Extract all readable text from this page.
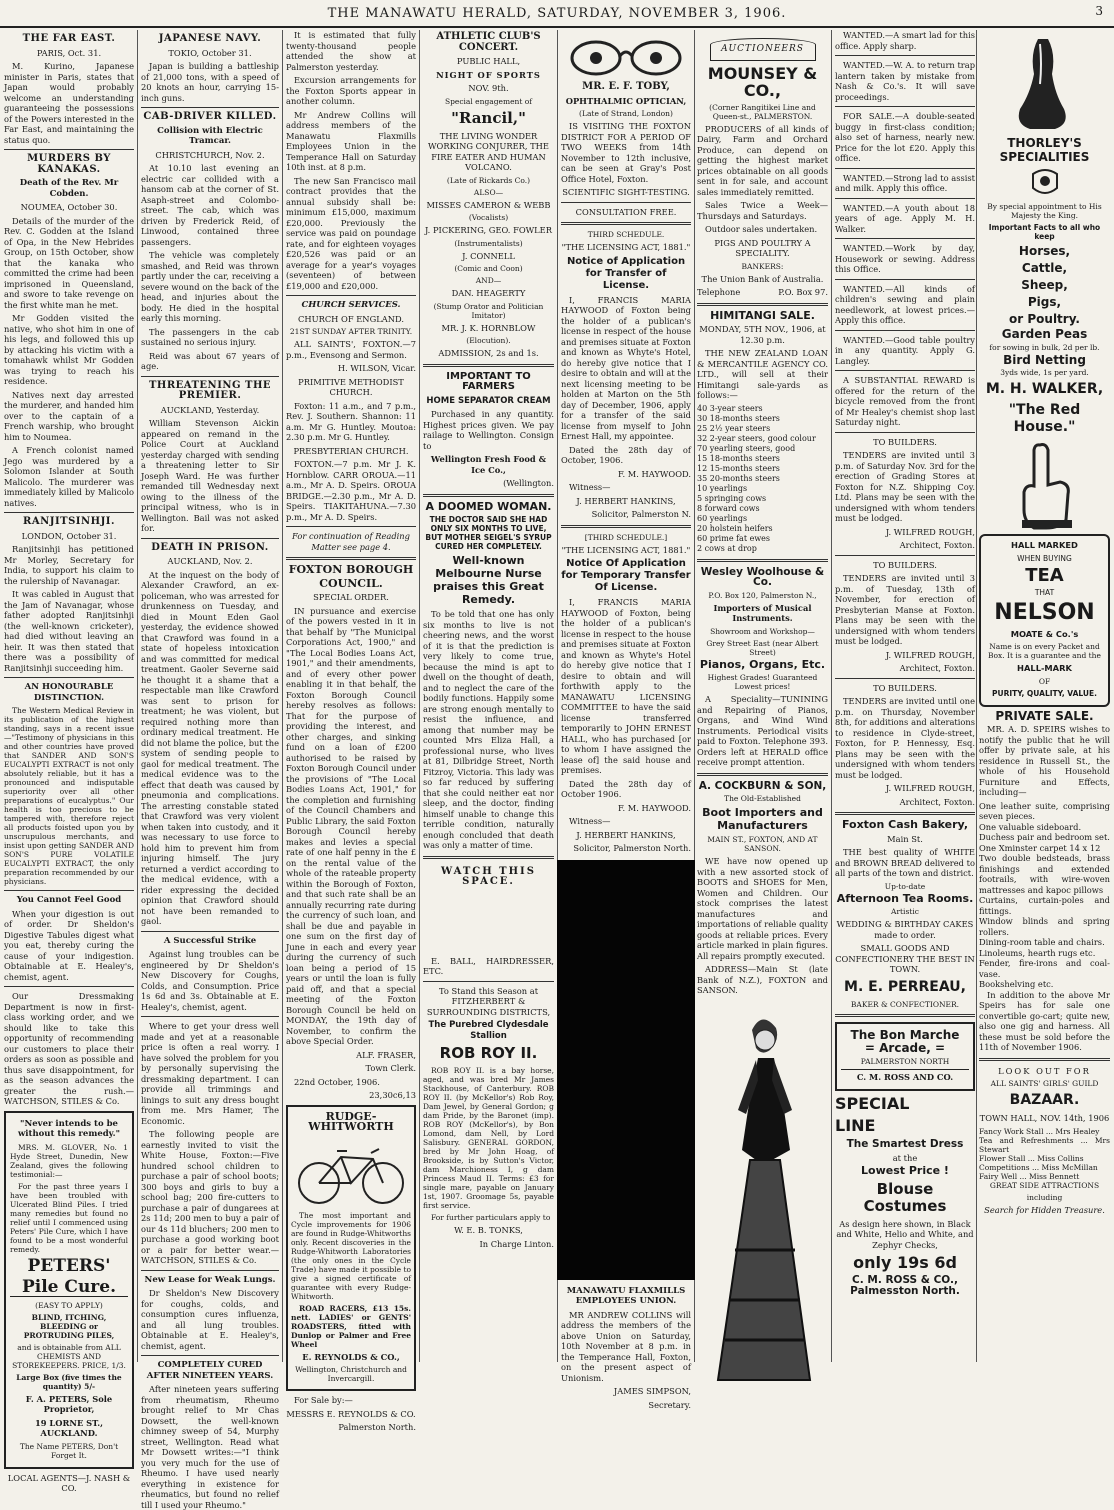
THE MANAWATU HERALD, SATURDAY, NOVEMBER 3, 1906.	3
THE FAR EAST.

PARIS, Oct. 31.

M. Kurino, Japanese minister in Paris, states that Japan would probably welcome an understanding guaranteeing the possessions of the Powers interested in the Far East, and maintaining the status quo.

MURDERS BY KANAKAS.
Death of the Rev. Mr Cobden.

NOUMEA, October 30.

Details of the murder of the Rev. C. Godden at the Island of Opa, in the New Hebrides Group, on 15th October, show that the kanaka who committed the crime had been imprisoned in Queensland, and swore to take revenge on the first white man he met.

Mr Godden visited the native, who shot him in one of his legs, and followed this up by attacking his victim with a tomahawk whilst Mr Godden was trying to reach his residence.

Natives next day arrested the murderer, and handed him over to the captain of a French warship, who brought him to Noumea.

A French colonist named Jego was murdered by a Solomon Islander at South Malicolo. The murderer was immediately killed by Malicolo natives.

RANJITSINHJI.

LONDON, October 31.

Ranjitsinhji has petitioned Mr Morley, Secretary for India, to support his claim to the rulership of Navanagar.

It was cabled in August that the Jam of Navanagar, whose father adopted Ranjitsinhji (the well-known cricketer), had died without leaving an heir. It was then stated that there was a possibility of Ranjitsinhji succeeding him.

AN HONOURABLE DISTINCTION.

The Western Medical Review in its publication of the highest standing, says in a recent issue—"Testimony of physicians in this and other countries have proved that SANDER AND SON'S EUCALYPTI EXTRACT is not only absolutely reliable, but it has a pronounced and indisputable superiority over all other preparations of eucalyptus." Our health is too precious to be tampered with, therefore reject all products foisted upon you by unscrupulous merchants, and insist upon getting SANDER AND SON'S PURE VOLATILE EUCALYPTI EXTRACT, the only preparation recommended by our physicians.

You Cannot Feel Good

When your digestion is out of order. Dr Sheldon's Digestive Tabules digest what you eat, thereby curing the cause of your indigestion. Obtainable at E. Healey's, chemist, agent.

Our Dressmaking Department is now in first-class working order, and we should like to take this opportunity of recommending our customers to place their orders as soon as possible and thus save disappointment, for as the season advances the greater the rush.—WATCHSON, STILES & Co.

"Never intends to be without this remedy."

MRS. M. GLOVER, No. 1 Hyde Street, Dunedin, New Zealand, gives the following testimonial:—

For the past three years I have been troubled with Ulcerated Blind Piles. I tried many remedies but found no relief until I commenced using Peters' Pile Cure, which I have found to be a most wonderful remedy.

PETERS'
Pile Cure.

(EASY TO APPLY)

BLIND, ITCHING, BLEEDING or PROTRUDING PILES,

and is obtainable from ALL CHEMISTS AND STOREKEEPERS. PRICE, 1/3.

Large Box (five times the quantity) 5/-

F. A. PETERS, Sole Proprietor,

19 LORNE ST., AUCKLAND.

The Name PETERS, Don't Forget It.

LOCAL AGENTS—J. NASH & CO.

JAPANESE NAVY.

TOKIO, October 31.

Japan is building a battleship of 21,000 tons, with a speed of 20 knots an hour, carrying 15-inch guns.

CAB-DRIVER KILLED.
Collision with Electric Tramcar.

CHRISTCHURCH, Nov. 2.

At 10.10 last evening an electric car collided with a hansom cab at the corner of St. Asaph-street and Colombo-street. The cab, which was driven by Frederick Reid, of Linwood, contained three passengers.

The vehicle was completely smashed, and Reid was thrown partly under the car, receiving a severe wound on the back of the head, and injuries about the body. He died in the hospital early this morning.

The passengers in the cab sustained no serious injury.

Reid was about 67 years of age.

THREATENING THE PREMIER.

AUCKLAND, Yesterday.

William Stevenson Aickin appeared on remand in the Police Court at Auckland yesterday charged with sending a threatening letter to Sir Joseph Ward. He was further remanded till Wednesday next owing to the illness of the principal witness, who is in Wellington. Bail was not asked for.

DEATH IN PRISON.

AUCKLAND, Nov. 2.

At the inquest on the body of Alexander Crawford, an ex-policeman, who was arrested for drunkenness on Tuesday, and died in Mount Eden Gaol yesterday, the evidence showed that Crawford was found in a state of hopeless intoxication and was committed for medical treatment. Gaoler Severne said he thought it a shame that a respectable man like Crawford was sent to prison for treatment; he was violent, but required nothing more than ordinary medical treatment. He did not blame the police, but the system of sending people to gaol for medical treatment. The medical evidence was to the effect that death was caused by pneumonia and complications. The arresting constable stated that Crawford was very violent when taken into custody, and it was necessary to use force to hold him to prevent him from injuring himself. The jury returned a verdict according to the medical evidence, with a rider expressing the decided opinion that Crawford should not have been remanded to gaol.

A Successful Strike

Against lung troubles can be engineered by Dr Sheldon's New Discovery for Coughs, Colds, and Consumption. Price 1s 6d and 3s. Obtainable at E. Healey's, chemist, agent.

Where to get your dress well made and yet at a reasonable price is often a real worry. I have solved the problem for you by personally supervising the dressmaking department. I can provide all trimmings and linings to suit any dress bought from me. Mrs Hamer, The Economic.

The following people are earnestly invited to visit the White House, Foxton:—Five hundred school children to purchase a pair of school boots; 300 boys and girls to buy a school bag; 200 fire-cutters to purchase a pair of dungarees at 2s 11d; 200 men to buy a pair of our 4s 11d bluchers; 200 men to purchase a good working boot or a pair for better wear.—WATCHSON, STILES & Co.

New Lease for Weak Lungs.

Dr Sheldon's New Discovery for coughs, colds, and consumption cures influenza, and all lung troubles. Obtainable at E. Healey's, chemist, agent.

COMPLETELY CURED AFTER NINETEEN YEARS.

After nineteen years suffering from rheumatism, Rheumo brought relief to Mr Chas Dowsett, the well-known chimney sweep of 54, Murphy street, Wellington. Read what Mr Dowsett writes:—"I think you very much for the use of Rheumo. I have used nearly everything in existence for rheumatics, but found no relief till I used your Rheumo."

It is estimated that fully twenty-thousand people attended the show at Palmerston yesterday.

Excursion arrangements for the Foxton Sports appear in another column.

Mr Andrew Collins will address members of the Manawatu Flaxmills Employees Union in the Temperance Hall on Saturday 10th inst. at 8 p.m.

The new San Francisco mail contract provides that the annual subsidy shall be: minimum £15,000, maximum £20,000. Previously the service was paid on poundage rate, and for eighteen voyages £20,526 was paid or an average for a year's voyages (seventeen) of between £19,000 and £20,000.

CHURCH SERVICES.

CHURCH OF ENGLAND.

21ST SUNDAY AFTER TRINITY.

ALL SAINTS', FOXTON.—7 p.m., Evensong and Sermon.

H. WILSON, Vicar.

PRIMITIVE METHODIST CHURCH.

Foxton: 11 a.m., and 7 p.m., Rev. J. Southern. Shannon: 11 a.m. Mr G. Huntley. Moutoa: 2.30 p.m. Mr G. Huntley.

PRESBYTERIAN CHURCH.

FOXTON.—7 p.m. Mr J. K. Hornblow. CARR OROUA.—11 a.m., Mr A. D. Speirs. OROUA BRIDGE.—2.30 p.m., Mr A. D. Speirs. TIAKITAHUNA.—7.30 p.m., Mr A. D. Speirs.

For continuation of Reading Matter see page 4.

FOXTON BOROUGH
COUNCIL.

SPECIAL ORDER.

IN pursuance and exercise of the powers vested in it in that behalf by "The Municipal Corporations Act, 1900," and "The Local Bodies Loans Act, 1901," and their amendments, and of every other power enabling it in that behalf, the Foxton Borough Council hereby resolves as follows: That for the purpose of providing the interest, and other charges, and sinking fund on a loan of £200 authorised to be raised by Foxton Borough Council under the provisions of "The Local Bodies Loans Act, 1901," for the completion and furnishing of the Council Chambers and Public Library, the said Foxton Borough Council hereby makes and levies a special rate of one half penny in the £ on the rental value of the whole of the rateable property within the Borough of Foxton, and that such rate shall be an annually recurring rate during the currency of such loan, and shall be due and payable in one sum on the first day of June in each and every year during the currency of such loan being a period of 15 years or until the loan is fully paid off, and that a special meeting of the Foxton Borough Council be held on MONDAY, the 19th day of November, to confirm the above Special Order.

ALF. FRASER,

Town Clerk.

22nd October, 1906.

23,30c6,13

RUDGE-WHITWORTH

The most important and Cycle improvements for 1906 are found in Rudge-Whitworths only. Recent discoveries in the Rudge-Whitworth Laboratories (the only ones in the Cycle Trade) have made it possible to give a signed certificate of guarantee with every Rudge-Whitworth.

ROAD RACERS, £13 15s. nett. LADIES' or GENTS' ROADSTERS, fitted with Dunlop or Palmer and Free Wheel

E. REYNOLDS & CO.,

Wellington, Christchurch and Invercargill.

For Sale by:—

MESSRS E. REYNOLDS & CO.

Palmerston North.

ATHLETIC CLUB'S CONCERT.

PUBLIC HALL,

NIGHT OF SPORTS

NOV. 9th.

Special engagement of

"Rancil,"

THE LIVING WONDER WORKING CONJURER, THE FIRE EATER AND HUMAN VOLCANO.

(Late of Rickards Co.)

ALSO—

MISSES CAMERON & WEBB

(Vocalists)

J. PICKERING, GEO. FOWLER

(Instrumentalists)

J. CONNELL

(Comic and Coon)

AND—

DAN. HEAGERTY

(Stump Orator and Politician Imitator)

MR. J. K. HORNBLOW

(Elocution).

ADMISSION, 2s and 1s.

IMPORTANT TO FARMERS
HOME SEPARATOR CREAM

Purchased in any quantity. Highest prices given. We pay railage to Wellington. Consign to

Wellington Fresh Food & Ice Co.,

(Wellington.

A DOOMED WOMAN.

THE DOCTOR SAID SHE HAD ONLY SIX MONTHS TO LIVE, BUT MOTHER SEIGEL'S SYRUP CURED HER COMPLETELY.

Well-known Melbourne Nurse praises this Great Remedy.

To be told that one has only six months to live is not cheering news, and the worst of it is that the prediction is very likely to come true, because the mind is apt to dwell on the thought of death, and to neglect the care of the bodily functions. Happily some are strong enough mentally to resist the influence, and among that number may be counted Mrs Eliza Hall, a professional nurse, who lives at 81, Dilbridge Street, North Fitzroy, Victoria. This lady was so far reduced by suffering that she could neither eat nor sleep, and the doctor, finding himself unable to change this terrible condition, naturally enough concluded that death was only a matter of time.

WATCH THIS SPACE.

E. BALL, HAIRDRESSER, ETC.

To Stand this Season at FITZHERBERT & SURROUNDING DISTRICTS,

The Purebred Clydesdale Stallion
ROB ROY II.

ROB ROY II. is a bay horse, aged, and was bred Mr James Stackhouse, of Canterbury. ROB ROY II. (by McKellor's) Rob Roy, Dam Jewel, by General Gordon; g dam Pride, by the Baronet (imp). ROB ROY (McKellor's), by Bon Lomond, dam Nell, by Lord Salisbury. GENERAL GORDON, bred by Mr John Hoag, of Brookside, is by Sutton's Victor, dam Marchioness I, g dam Princess Maud II. Terms: £3 for single mare, payable on January 1st, 1907. Groomage 5s, payable first service.

For further particulars apply to

W. E. B. TONKS,

In Charge Linton.

MR. E. F. TOBY,

OPHTHALMIC OPTICIAN,

(Late of Strand, London)

IS VISITING THE FOXTON DISTRICT FOR A PERIOD OF TWO WEEKS from 14th November to 12th inclusive, can be seen at Gray's Post Office Hotel, Foxton.

SCIENTIFIC SIGHT-TESTING.

CONSULTATION FREE.

THIRD SCHEDULE.

"THE LICENSING ACT, 1881."

Notice of Application for Transfer of License.

I, FRANCIS MARIA HAYWOOD of Foxton being the holder of a publican's license in respect of the house and premises situate at Foxton and known as Whyte's Hotel, do hereby give notice that I desire to obtain and will at the next licensing meeting to be holden at Marton on the 5th day of December, 1906, apply for a transfer of the said license from myself to John Ernest Hall, my appointee.

Dated the 28th day of October, 1906.

F. M. HAYWOOD.

Witness—

J. HERBERT HANKINS,

Solicitor, Palmerston N.

[THIRD SCHEDULE.]

"THE LICENSING ACT, 1881."

Notice Of Application for Temporary Transfer Of License.

I, FRANCIS MARIA HAYWOOD of Foxton, being the holder of a publican's license in respect to the house and premises situate at Foxton and known as Whyte's Hotel do hereby give notice that I desire to obtain and will forthwith apply to the MANAWATU LICENSING COMMITTEE to have the said license transferred temporarily to JOHN ERNEST HALL, who has purchased [or to whom I have assigned the lease of] the said house and premises.

Dated the 28th day of October 1906.

F. M. HAYWOOD.

Witness—

J. HERBERT HANKINS,

Solicitor, Palmerston North.

MANAWATU FLAXMILLS EMPLOYEES UNION.

MR ANDREW COLLINS will address the members of the above Union on Saturday, 10th November at 8 p.m. in the Temperance Hall, Foxton, on the present aspect of Unionism.

JAMES SIMPSON,

Secretary.

AUCTIONEERS
MOUNSEY & CO.,

(Corner Rangitikei Line and Queen-st., PALMERSTON.

PRODUCERS of all kinds of Dairy, Farm and Orchard Produce, can depend on getting the highest market prices obtainable on all goods sent in for sale, and account sales immediately remitted.

Sales Twice a Week—Thursdays and Saturdays.

Outdoor sales undertaken.

PIGS AND POULTRY A SPECIALITY.

BANKERS:

The Union Bank of Australia.

Telephone	P.O. Box 97.

HIMITANGI SALE.

MONDAY, 5TH NOV., 1906, at 12.30 p.m.

THE NEW ZEALAND LOAN & MERCANTILE AGENCY CO. LTD., will sell at their Himitangi sale-yards as follows:—

40 3-year steers
30 18-months steers
25 2½ year steers
32 2-year steers, good colour
70 yearling steers, good
15 18-months steers
12 15-months steers
35 20-months steers
10 yearlings
5 springing cows
8 forward cows
60 yearlings
20 holstein heifers
60 prime fat ewes
2 cows at drop
Wesley Woolhouse & Co.

P.O. Box 120, Palmerston N.,

Importers of Musical Instruments.

Showroom and Workshop—

Grey Street East (near Albert Street)

Pianos, Organs, Etc.

Highest Grades! Guaranteed Lowest prices!

A Speciality—TUNINING and Repairing of Pianos, Organs, and Wind Wind Instruments. Periodical visits paid to Foxton. Telephone 393. Orders left at HERALD office receive prompt attention.

A. COCKBURN & SON,

The Old-Established

Boot Importers and Manufacturers

MAIN ST., FOXTON, AND AT SANSON.

WE have now opened up with a new assorted stock of BOOTS and SHOES for Men, Women and Children. Our stock comprises the latest manufactures and importations of reliable quality goods at reliable prices. Every article marked in plain figures. All repairs promptly executed.

ADDRESS—Main St (late Bank of N.Z.), FOXTON and SANSON.

WANTED.—A smart lad for this office. Apply sharp.

WANTED.—W. A. to return trap lantern taken by mistake from Nash & Co.'s. It will save proceedings.

FOR SALE.—A double-seated buggy in first-class condition; also set of harness, nearly new. Price for the lot £20. Apply this office.

WANTED.—Strong lad to assist and milk. Apply this office.

WANTED.—A youth about 18 years of age. Apply M. H. Walker.

WANTED.—Work by day, Housework or sewing. Address this Office.

WANTED.—All kinds of children's sewing and plain needlework, at lowest prices.—Apply this office.

WANTED.—Good table poultry in any quantity. Apply G. Langley.

A SUBSTANTIAL REWARD is offered for the return of the bicycle removed from the front of Mr Healey's chemist shop last Saturday night.

TO BUILDERS.

TENDERS are invited until 3 p.m. of Saturday Nov. 3rd for the erection of Grading Stores at Foxton for N.Z. Shipping Coy. Ltd. Plans may be seen with the undersigned with whom tenders must be lodged.

J. WILFRED ROUGH,

Architect, Foxton.

TO BUILDERS.

TENDERS are invited until 3 p.m. of Tuesday, 13th of November, for erection of Presbyterian Manse at Foxton. Plans may be seen with the undersigned with whom tenders must be lodged.

J. WILFRED ROUGH,

Architect, Foxton.

TO BUILDERS.

TENDERS are invited until one p.m. on Thursday, November 8th, for additions and alterations to residence in Clyde-street, Foxton, for P. Hennessy, Esq. Plans may be seen with the undersigned with whom tenders must be lodged.

J. WILFRED ROUGH,

Architect, Foxton.

Foxton Cash Bakery,

Main St.

THE best quality of WHITE and BROWN BREAD delivered to all parts of the town and district.

Up-to-date

Afternoon Tea Rooms.

Artistic

WEDDING & BIRTHDAY CAKES made to order.

SMALL GOODS AND CONFECTIONERY THE BEST IN TOWN.

M. E. PERREAU,

BAKER & CONFECTIONER.

The Bon Marche
= Arcade, =

PALMERSTON NORTH

C. M. ROSS AND CO.

SPECIAL
LINE
The Smartest Dress

at the

Lowest Price !
Blouse Costumes

As design here shown, in Black and White, Helio and White, and Zephyr Checks,

only 19s 6d
C. M. ROSS & CO., Palmesston North.
THORLEY'S
SPECIALITIES

By special appointment to His Majesty the King.

Important Facts to all who keep

Horses,
Cattle,
Sheep,
Pigs,
or Poultry.
Garden Peas

for sowing in bulk, 2d per lb.

Bird Netting

3yds wide, 1s per yard.

M. H. WALKER,
"The Red House."

HALL MARKED

WHEN BUYING

TEA

THAT

NELSON

MOATE & Co.'s

Name is on every Packet and Box. It is a guarantee and the

HALL-MARK

OF

PURITY, QUALITY, VALUE.

PRIVATE SALE.

MR. A. D. SPEIRS wishes to notify the public that he will offer by private sale, at his residence in Russell St., the whole of his Household Furniture and Effects, including—

One leather suite, comprising seven pieces.
One valuable sideboard.
Duchess pair and bedroom set.
One Xminster carpet 14 x 12
Two double bedsteads, brass finishings and extended footrails, with wire-woven mattresses and kapoc pillows
Curtains, curtain-poles and fittings.
Window blinds and spring rollers.
Dining-room table and chairs.
Linoleums, hearth rugs etc.
Fender, fire-irons and coal-vase.
Bookshelving etc.

In addition to the above Mr Speirs has for sale one convertible go-cart; quite new, also one gig and harness. All these must be sold before the 11th of November 1906.

LOOK OUT FOR

ALL SAINTS' GIRLS' GUILD

BAZAAR.

TOWN HALL, NOV. 14th, 1906

Fancy Work Stall ... Mrs Healey
Tea and Refreshments ... Mrs Stewart
Flower Stall ... Miss Collins
Competitions ... Miss McMillan
Fairy Well ... Miss Bennett

GREAT SIDE ATTRACTIONS

including

Search for Hidden Treasure.
